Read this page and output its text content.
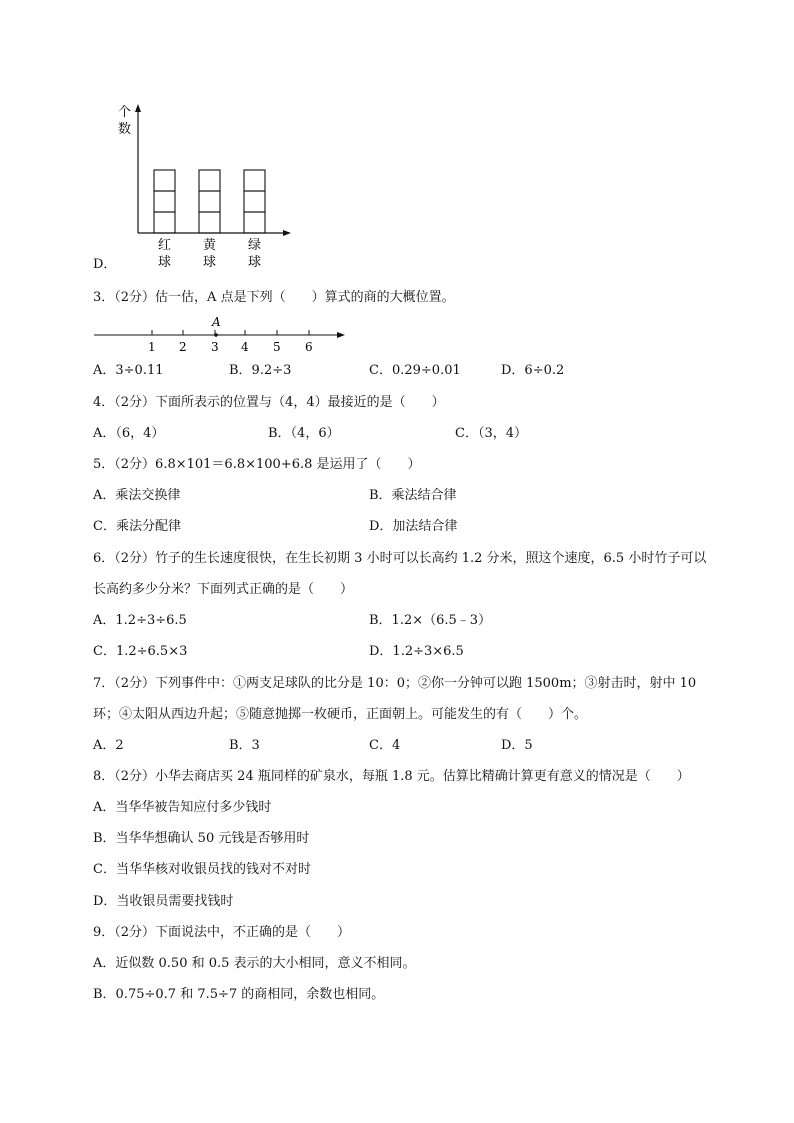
个
数
红
球
黄
球
绿
球
D．
3．（2分）估一估，A 点是下列（　　）算式的商的大概位置。
A
1 2 3 4 5 6
A．3÷0.11	B．9.2÷3	C．0.29÷0.01	D．6÷0.2
4．（2分）下面所表示的位置与（4，4）最接近的是（　　）
A．（6，4）	B．（4，6）	C．（3，4）
5．（2分）6.8×101＝6.8×100+6.8 是运用了（　　）
A．乘法交换律	B．乘法结合律
C．乘法分配律	D．加法结合律
6．（2分）竹子的生长速度很快，在生长初期 3 小时可以长高约 1.2 分米，照这个速度，6.5 小时竹子可以
长高约多少分米？下面列式正确的是（　　）
A．1.2÷3÷6.5	B．1.2×（6.5﹣3）
C．1.2÷6.5×3	D．1.2÷3×6.5
7．（2分）下列事件中：①两支足球队的比分是 10：0；②你一分钟可以跑 1500m；③射击时，射中 10
环；④太阳从西边升起；⑤随意抛掷一枚硬币，正面朝上。可能发生的有（　　）个。
A．2	B．3	C．4	D．5
8．（2分）小华去商店买 24 瓶同样的矿泉水，每瓶 1.8 元。估算比精确计算更有意义的情况是（　　）
A．当华华被告知应付多少钱时
B．当华华想确认 50 元钱是否够用时
C．当华华核对收银员找的钱对不对时
D．当收银员需要找钱时
9．（2分）下面说法中，不正确的是（　　）
A．近似数 0.50 和 0.5 表示的大小相同，意义不相同。
B．0.75÷0.7 和 7.5÷7 的商相同，余数也相同。
